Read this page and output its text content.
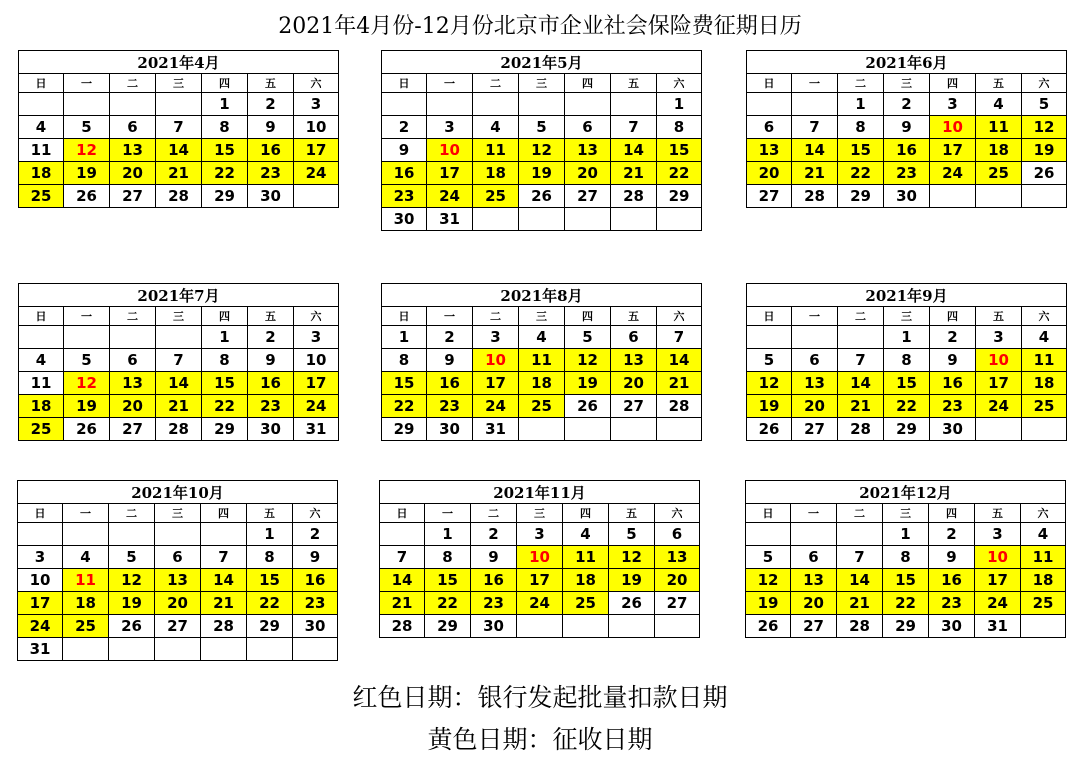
2021年4月份-12月份北京市企业社会保险费征期日历
2021年4月						
日	一	二	三	四	五	六
				1	2	3
4	5	6	7	8	9	10
11	12	13	14	15	16	17
18	19	20	21	22	23	24
25	26	27	28	29	30	
2021年5月						
日	一	二	三	四	五	六
						1
2	3	4	5	6	7	8
9	10	11	12	13	14	15
16	17	18	19	20	21	22
23	24	25	26	27	28	29
30	31					
2021年6月						
日	一	二	三	四	五	六
		1	2	3	4	5
6	7	8	9	10	11	12
13	14	15	16	17	18	19
20	21	22	23	24	25	26
27	28	29	30			
2021年7月						
日	一	二	三	四	五	六
				1	2	3
4	5	6	7	8	9	10
11	12	13	14	15	16	17
18	19	20	21	22	23	24
25	26	27	28	29	30	31
2021年8月						
日	一	二	三	四	五	六
1	2	3	4	5	6	7
8	9	10	11	12	13	14
15	16	17	18	19	20	21
22	23	24	25	26	27	28
29	30	31				
2021年9月						
日	一	二	三	四	五	六
			1	2	3	4
5	6	7	8	9	10	11
12	13	14	15	16	17	18
19	20	21	22	23	24	25
26	27	28	29	30		
2021年10月						
日	一	二	三	四	五	六
					1	2
3	4	5	6	7	8	9
10	11	12	13	14	15	16
17	18	19	20	21	22	23
24	25	26	27	28	29	30
31						
2021年11月						
日	一	二	三	四	五	六
	1	2	3	4	5	6
7	8	9	10	11	12	13
14	15	16	17	18	19	20
21	22	23	24	25	26	27
28	29	30				
2021年12月						
日	一	二	三	四	五	六
			1	2	3	4
5	6	7	8	9	10	11
12	13	14	15	16	17	18
19	20	21	22	23	24	25
26	27	28	29	30	31	
红色日期：银行发起批量扣款日期
黄色日期：征收日期
